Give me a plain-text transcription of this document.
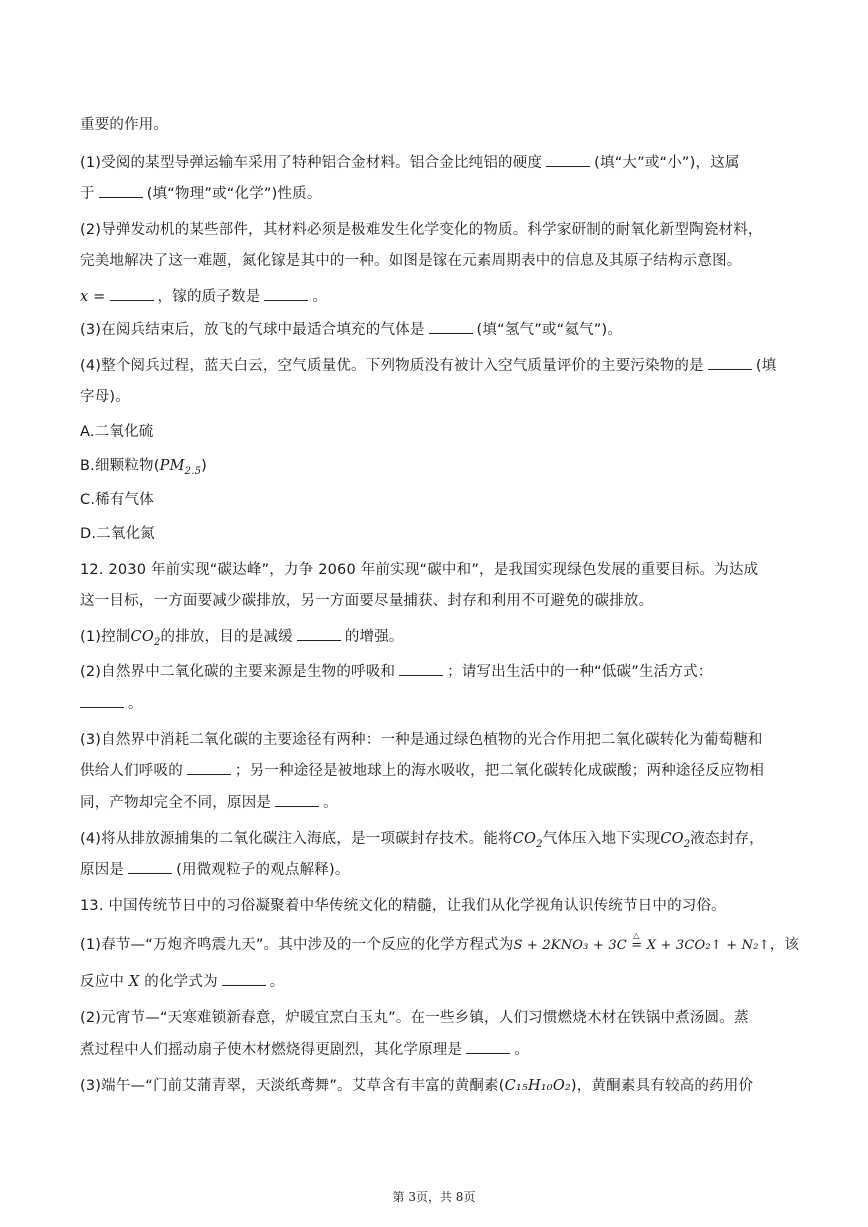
重要的作用。
(1)受阅的某型导弹运输车采用了特种铝合金材料。铝合金比纯铝的硬度	(填“大”或“小”)，这属
于	(填“物理”或“化学”)性质。
(2)导弹发动机的某些部件，其材料必须是极难发生化学变化的物质。科学家研制的耐氧化新型陶瓷材料，
完美地解决了这一难题，氮化镓是其中的一种。如图是镓在元素周期表中的信息及其原子结构示意图。
x =	，镓的质子数是	。
(3)在阅兵结束后，放飞的气球中最适合填充的气体是	(填“氢气”或“氦气”)。
(4)整个阅兵过程，蓝天白云，空气质量优。下列物质没有被计入空气质量评价的主要污染物的是	(填
字母)。
A.二氧化硫
B.细颗粒物$(PM_{2.5})$
C.稀有气体
D.二氧化氮
12. 2030 年前实现“碳达峰”，力争 2060 年前实现“碳中和”，是我国实现绿色发展的重要目标。为达成
这一目标，一方面要减少碳排放，另一方面要尽量捕获、封存和利用不可避免的碳排放。
(1)控制$CO_2$的排放，目的是减缓	的增强。
(2)自然界中二氧化碳的主要来源是生物的呼吸和	；请写出生活中的一种“低碳”生活方式：
。
(3)自然界中消耗二氧化碳的主要途径有两种：一种是通过绿色植物的光合作用把二氧化碳转化为葡萄糖和
供给人们呼吸的	；另一种途径是被地球上的海水吸收，把二氧化碳转化成碳酸；两种途径反应物相
同，产物却完全不同，原因是	。
(4)将从排放源捕集的二氧化碳注入海底，是一项碳封存技术。能将$CO_2$气体压入地下实现$CO_2$液态封存，
原因是	(用微观粒子的观点解释)。
13. 中国传统节日中的习俗凝聚着中华传统文化的精髓，让我们从化学视角认识传统节日中的习俗。
(1)春节—“万炮齐鸣震九天”。其中涉及的一个反应的化学方程式为S + 2KNO₃ + 3C
△
= X + 3CO₂↑ + N₂↑，该
反应中 X 的化学式为	。
(2)元宵节—“天寒难锁新春意，炉暖宜烹白玉丸”。在一些乡镇，人们习惯燃烧木材在铁锅中煮汤圆。蒸
煮过程中人们摇动扇子使木材燃烧得更剧烈，其化学原理是	。
(3)端午—“门前艾蒲青翠，天淡纸鸢舞”。艾草含有丰富的黄酮素(C₁₅H₁₀O₂)，黄酮素具有较高的药用价
第 3页，共 8页
